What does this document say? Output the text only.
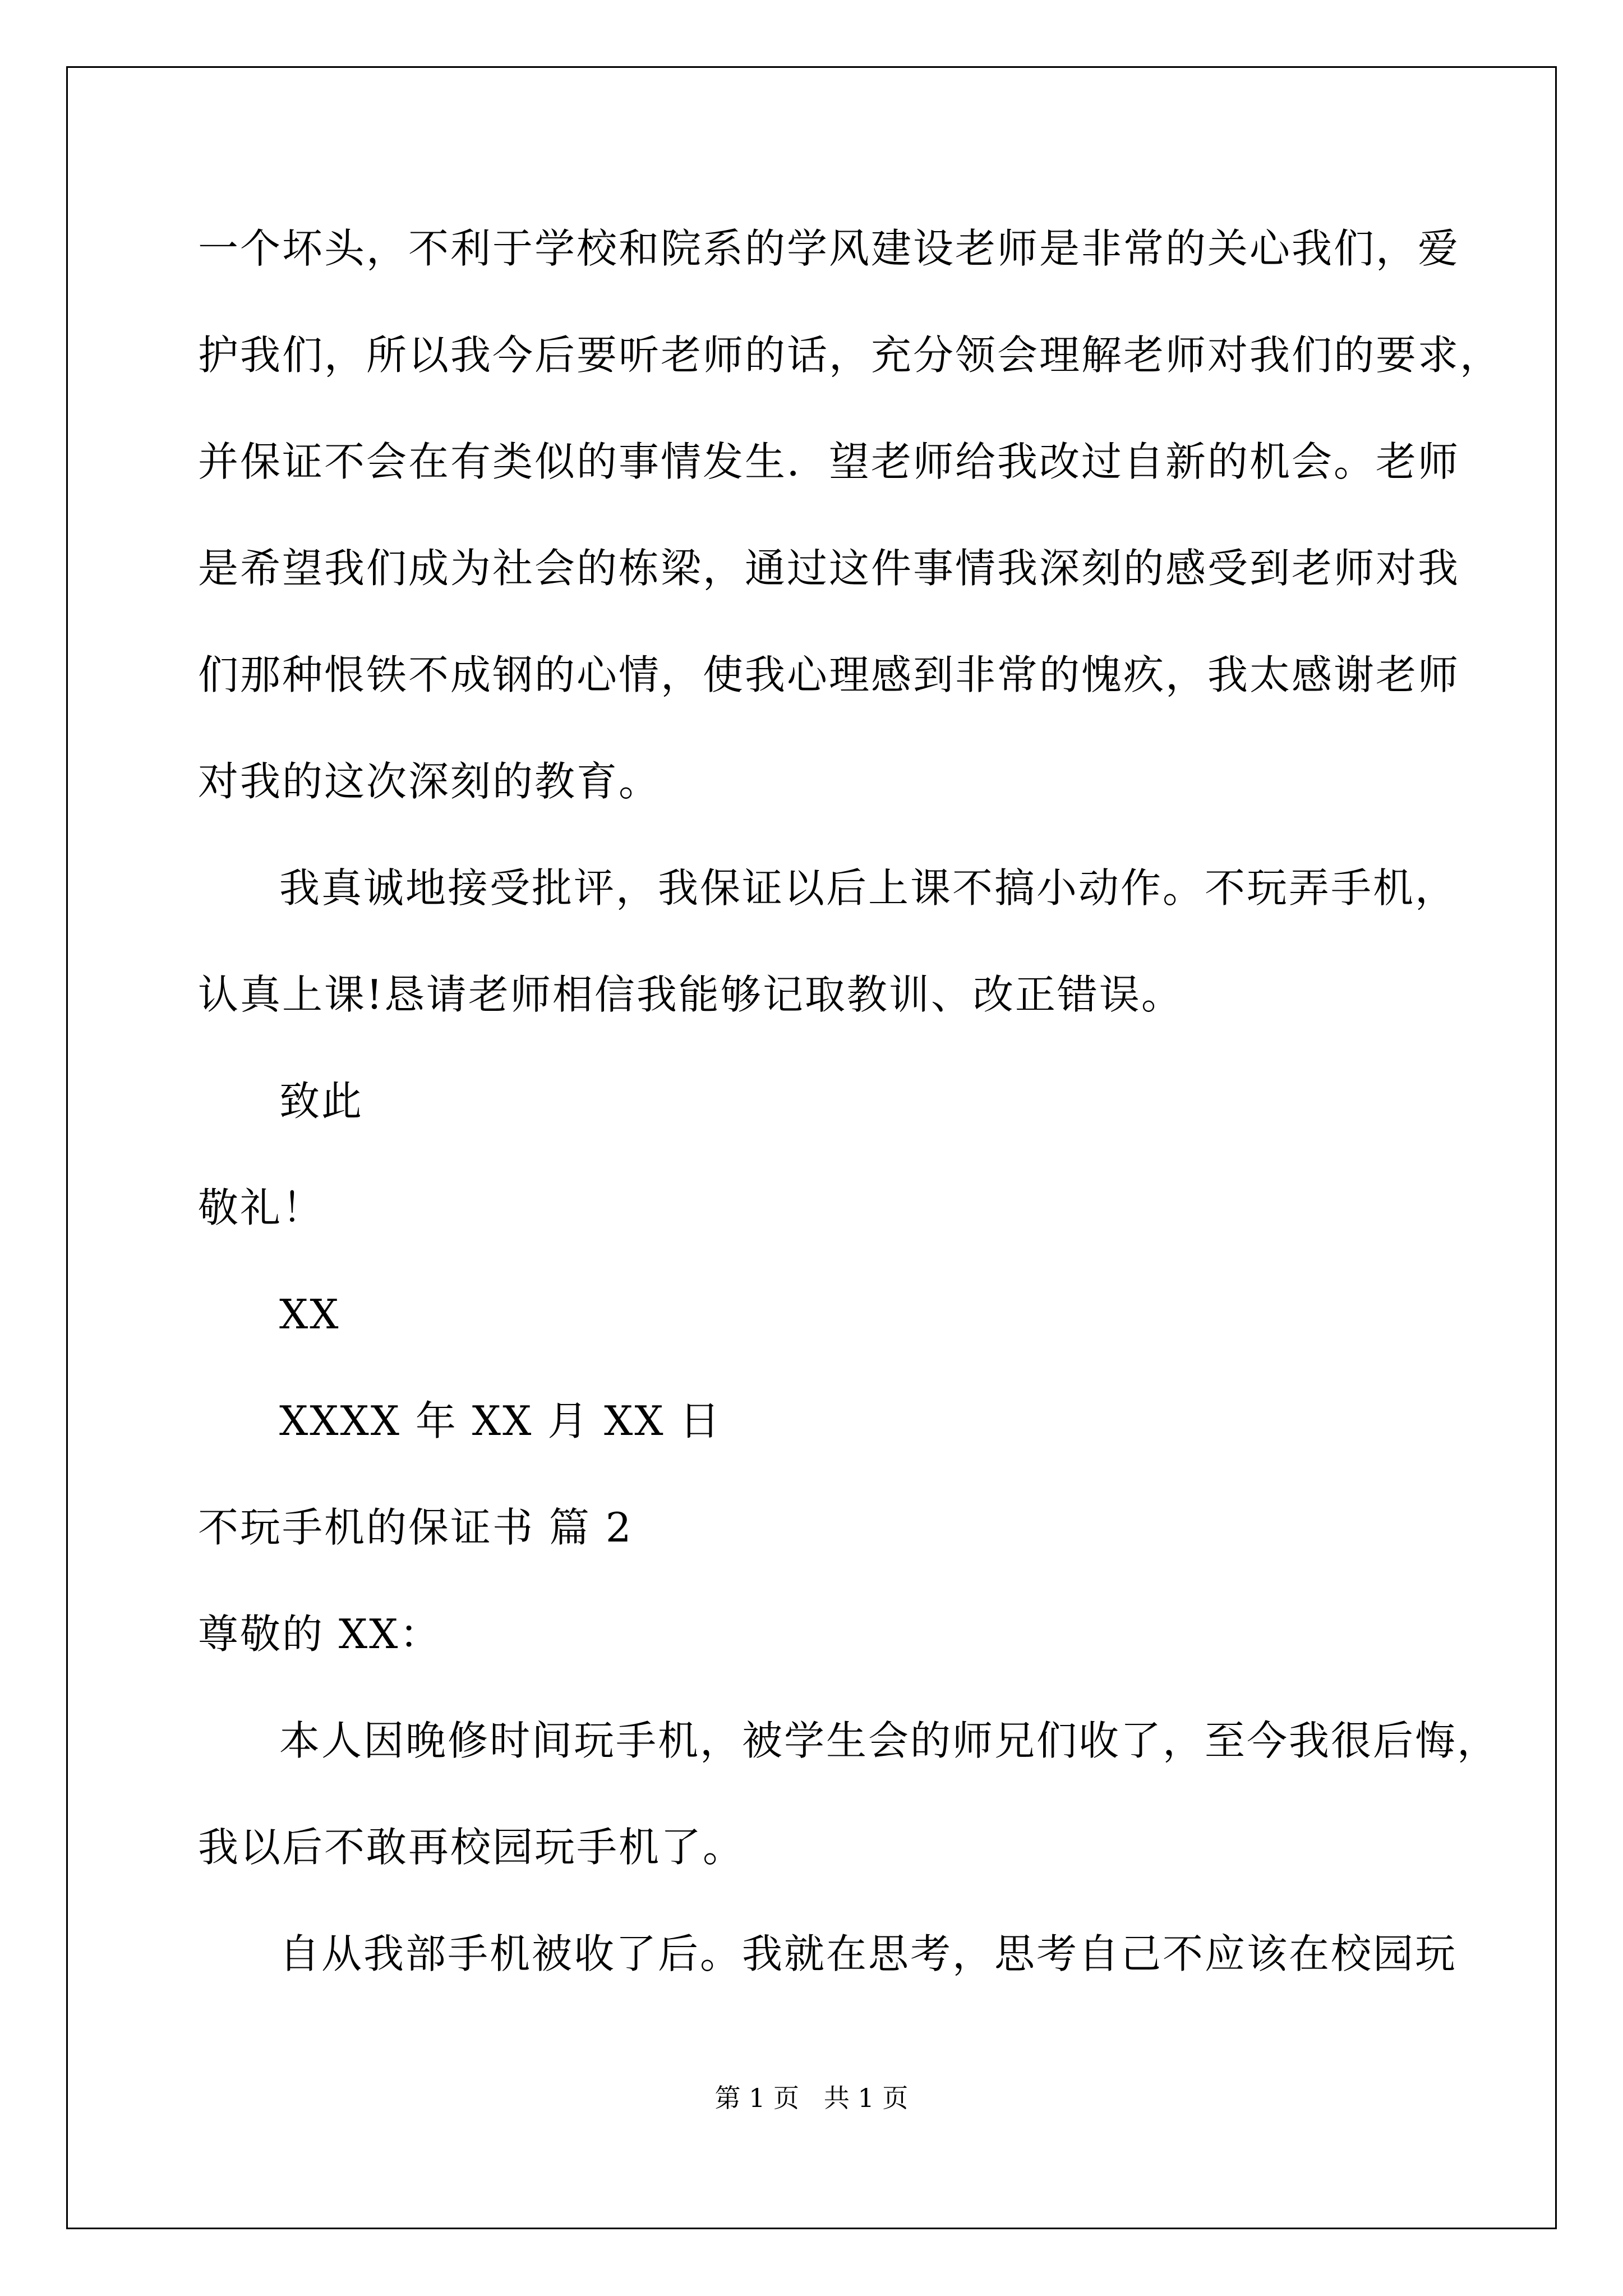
一个坏头，不利于学校和院系的学风建设老师是非常的关心我们，爱
护我们，所以我今后要听老师的话，充分领会理解老师对我们的要求，
并保证不会在有类似的事情发生．望老师给我改过自新的机会。老师
是希望我们成为社会的栋梁，通过这件事情我深刻的感受到老师对我
们那种恨铁不成钢的心情，使我心理感到非常的愧疚，我太感谢老师
对我的这次深刻的教育。
我真诚地接受批评，我保证以后上课不搞小动作。不玩弄手机，
认真上课!恳请老师相信我能够记取教训、改正错误。
致此
敬礼！
XX
XXXX 年 XX 月 XX 日
不玩手机的保证书 篇 2
尊敬的 XX：
本人因晚修时间玩手机，被学生会的师兄们收了，至今我很后悔，
我以后不敢再校园玩手机了。
自从我部手机被收了后。我就在思考，思考自己不应该在校园玩
第 1 页   共 1 页
